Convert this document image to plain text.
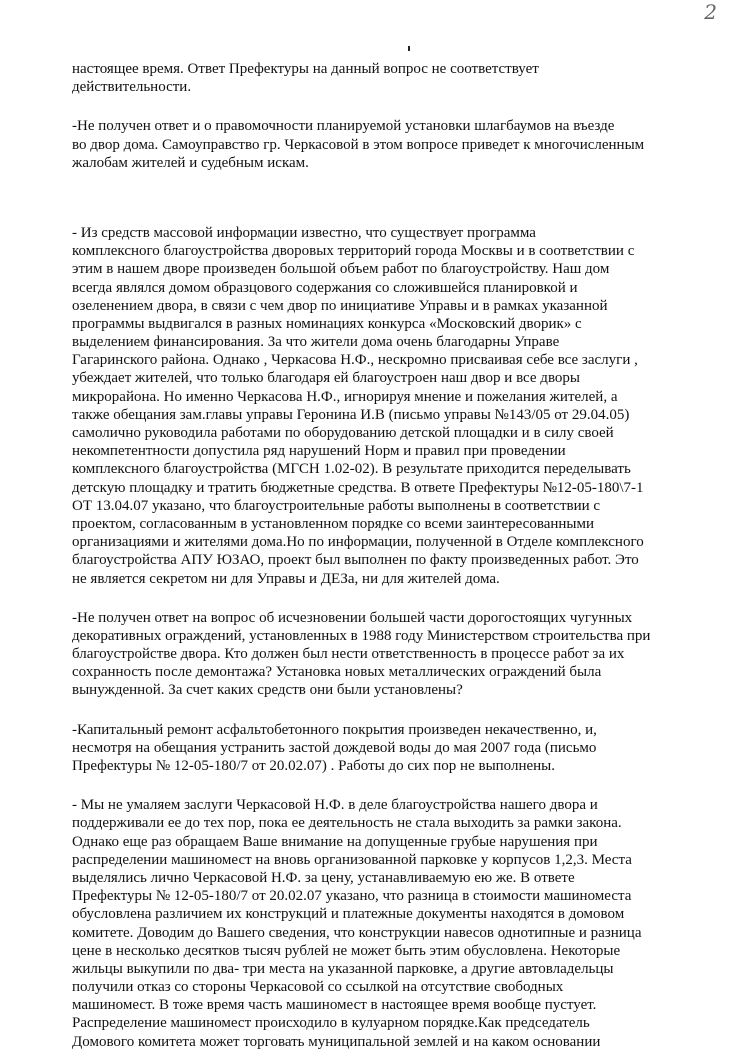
2

настоящее время. Ответ Префектуры на данный вопрос не соответствует
действительности.

-Не получен ответ и о правомочности планируемой установки шлагбаумов на въезде
во двор дома. Самоуправство гр. Черкасовой в этом вопросе приведет к многочисленным
жалобам жителей и судебным искам.

- Из средств массовой информации известно, что существует программа
комплексного благоустройства дворовых территорий города Москвы и в соответствии с
этим в нашем дворе произведен большой объем работ по благоустройству. Наш дом
всегда являлся домом образцового содержания со сложившейся планировкой и
озеленением двора, в связи с чем двор по инициативе Управы и в рамках указанной
программы выдвигался в разных номинациях конкурса «Московский дворик» с
выделением финансирования. За что жители дома очень благодарны Управе
Гагаринского района. Однако , Черкасова Н.Ф., нескромно присваивая себе все заслуги ,
убеждает жителей, что только благодаря ей благоустроен наш двор и все дворы
микрорайона. Но именно Черкасова Н.Ф., игнорируя мнение и пожелания жителей, а
также обещания зам.главы управы Геронина И.В (письмо управы №143/05 от 29.04.05)
самолично руководила работами по оборудованию детской площадки и в силу своей
некомпетентности допустила ряд нарушений Норм и правил при проведении
комплексного благоустройства (МГСН 1.02-02). В результате приходится переделывать
детскую площадку и тратить бюджетные средства. В ответе Префектуры №12-05-180\7-1
ОТ 13.04.07 указано, что благоустроительные работы выполнены в соответствии с
проектом, согласованным в установленном порядке со всеми заинтересованными
организациями и жителями дома.Но по информации, полученной в Отделе комплексного
благоустройства АПУ ЮЗАО, проект был выполнен по факту произведенных работ. Это
не является секретом ни для Управы и ДЕЗа, ни для жителей дома.

-Не получен ответ на вопрос об исчезновении большей части дорогостоящих чугунных
декоративных ограждений, установленных в 1988 году Министерством строительства при
благоустройстве двора. Кто должен был нести ответственность в процессе работ за их
сохранность после демонтажа? Установка новых металлических ограждений была
вынужденной. За счет каких средств они были установлены?

-Капитальный ремонт асфальтобетонного покрытия произведен некачественно, и,
несмотря на обещания устранить застой дождевой воды до мая 2007 года (письмо
Префектуры № 12-05-180/7 от 20.02.07) . Работы до сих пор не выполнены.

- Мы не умаляем заслуги Черкасовой Н.Ф. в деле благоустройства нашего двора и
поддерживали ее до тех пор, пока ее деятельность не стала выходить за рамки закона.
Однако еще раз обращаем Ваше внимание на допущенные грубые нарушения при
распределении машиномест на вновь организованной парковке у корпусов 1,2,3. Места
выделялись лично Черкасовой Н.Ф. за цену, устанавливаемую ею же. В ответе
Префектуры № 12-05-180/7 от 20.02.07 указано, что разница в стоимости машиноместа
обусловлена различием их конструкций и платежные документы находятся в домовом
комитете. Доводим до Вашего сведения, что конструкции навесов однотипные и разница
цене в несколько десятков тысяч рублей не может быть этим обусловлена. Некоторые
жильцы выкупили по два- три места на указанной парковке, а другие автовладельцы
получили отказ со стороны Черкасовой со ссылкой на отсутствие свободных
машиномест. В тоже время часть машиномест в настоящее время вообще пустует.
Распределение машиномест происходило в кулуарном порядке.Как председатель
Домового комитета может торговать муниципальной землей и на каком основании
